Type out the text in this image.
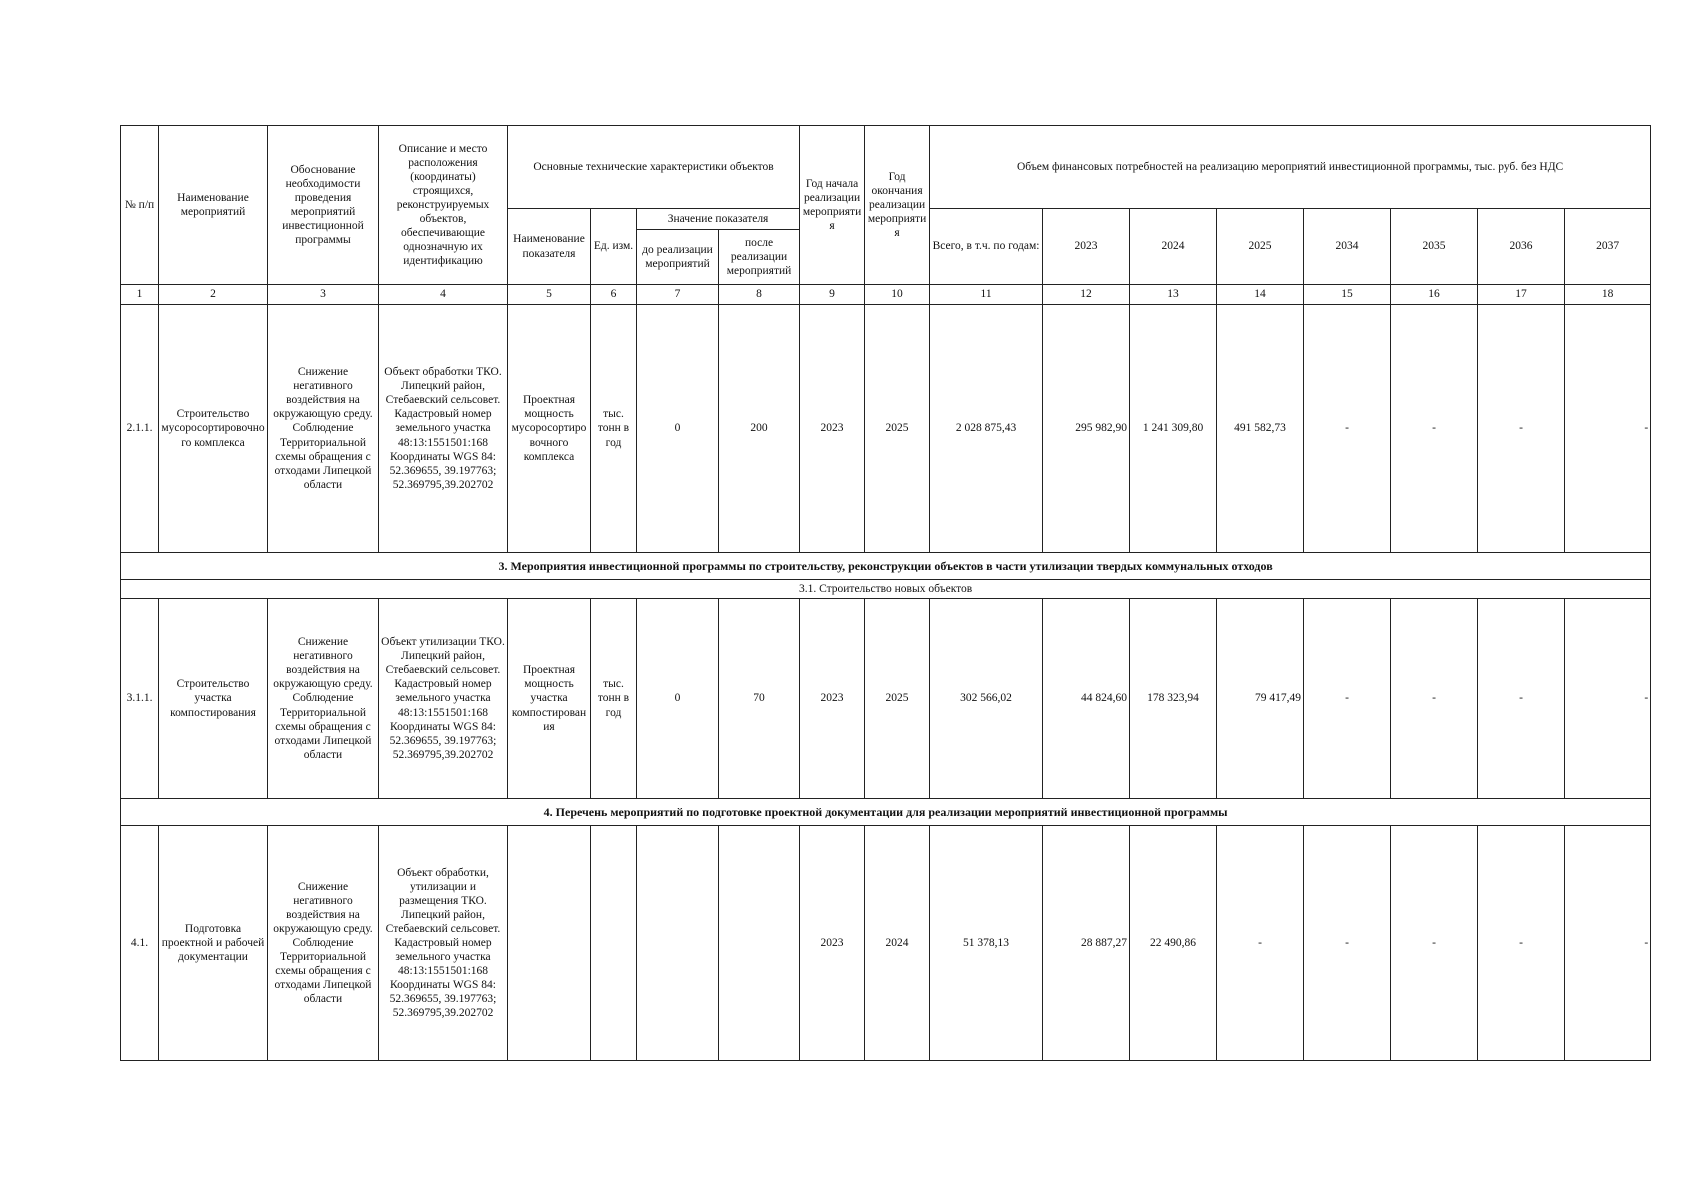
№ п/п	Наименование мероприятий	Обоснование необходимости проведения мероприятий инвестиционной программы	Описание и место расположения (координаты) строящихся, реконструируемых объектов, обеспечивающие однозначную их идентификацию	Основные технические характеристики объектов				Год начала реализации мероприятия	Год окончания реализации мероприятия	Объем финансовых потребностей на реализацию мероприятий инвестиционной программы, тыс. руб. без НДС							
				Наименование показателя	Ед. изм.	Значение показателя				Всего, в т.ч. по годам:	2023	2024	2025	2034	2035	2036	2037
						до реализации мероприятий	после реализации мероприятий										
1	2	3	4	5	6	7	8	9	10	11	12	13	14	15	16	17	18
2.1.1.	Строительство мусоросортировочного комплекса	Снижение негативного воздействия на окружающую среду. Соблюдение Территориальной схемы обращения с отходами Липецкой области	Объект обработки ТКО. Липецкий район, Стебаевский сельсовет. Кадастровый номер земельного участка 48:13:1551501:168 Координаты WGS 84: 52.369655, 39.197763; 52.369795,39.202702	Проектная мощность мусоросортировочного комплекса	тыс. тонн в год	0	200	2023	2025	2 028 875,43	295 982,90	1 241 309,80	491 582,73	-	-	-	-
3. Мероприятия инвестиционной программы по строительству, реконструкции объектов в части утилизации твердых коммунальных отходов																	
3.1. Строительство новых объектов																	
3.1.1.	Строительство участка компостирования	Снижение негативного воздействия на окружающую среду. Соблюдение Территориальной схемы обращения с отходами Липецкой области	Объект утилизации ТКО. Липецкий район, Стебаевский сельсовет. Кадастровый номер земельного участка 48:13:1551501:168 Координаты WGS 84: 52.369655, 39.197763; 52.369795,39.202702	Проектная мощность участка компостирования	тыс. тонн в год	0	70	2023	2025	302 566,02	44 824,60	178 323,94	79 417,49	-	-	-	-
4. Перечень мероприятий по подготовке проектной документации для реализации мероприятий инвестиционной программы																	
4.1.	Подготовка проектной и рабочей документации	Снижение негативного воздействия на окружающую среду. Соблюдение Территориальной схемы обращения с отходами Липецкой области	Объект обработки, утилизации и размещения ТКО. Липецкий район, Стебаевский сельсовет. Кадастровый номер земельного участка 48:13:1551501:168 Координаты WGS 84: 52.369655, 39.197763; 52.369795,39.202702					2023	2024	51 378,13	28 887,27	22 490,86	-	-	-	-	-
